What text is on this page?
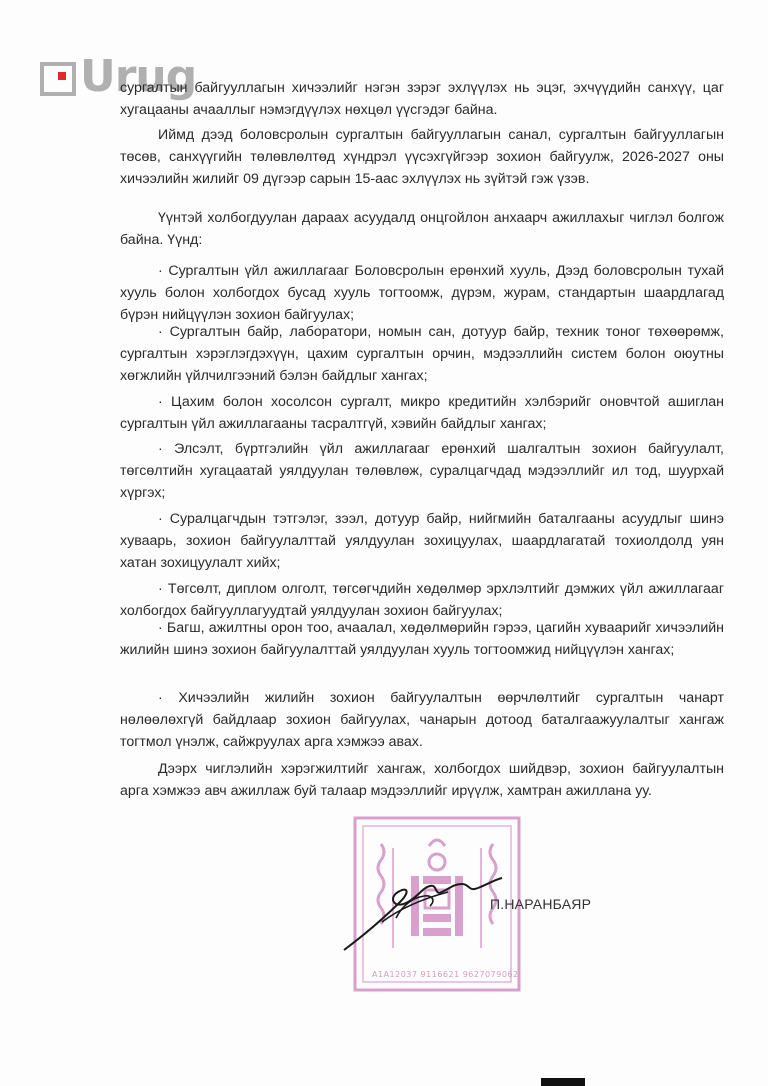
Urug

сургалтын байгууллагын хичээлийг нэгэн зэрэг эхлүүлэх нь эцэг, эхчүүдийн санхүү, цаг хугацааны ачааллыг нэмэгдүүлэх нөхцөл үүсгэдэг байна.

Иймд дээд боловсролын сургалтын байгууллагын санал, сургалтын байгууллагын төсөв, санхүүгийн төлөвлөлтөд хүндрэл үүсэхгүйгээр зохион байгуулж, 2026-2027 оны хичээлийн жилийг 09 дүгээр сарын 15-аас эхлүүлэх нь зүйтэй гэж үзэв.

Үүнтэй холбогдуулан дараах асуудалд онцгойлон анхаарч ажиллахыг чиглэл болгож байна. Үүнд:

· Сургалтын үйл ажиллагааг Боловсролын ерөнхий хууль, Дээд боловсролын тухай хууль болон холбогдох бусад хууль тогтоомж, дүрэм, журам, стандартын шаардлагад бүрэн нийцүүлэн зохион байгуулах;

· Сургалтын байр, лаборатори, номын сан, дотуур байр, техник тоног төхөөрөмж, сургалтын хэрэглэгдэхүүн, цахим сургалтын орчин, мэдээллийн систем болон оюутны хөгжлийн үйлчилгээний бэлэн байдлыг хангах;

· Цахим болон хосолсон сургалт, микро кредитийн хэлбэрийг оновчтой ашиглан сургалтын үйл ажиллагааны тасралтгүй, хэвийн байдлыг хангах;

· Элсэлт, бүртгэлийн үйл ажиллагааг ерөнхий шалгалтын зохион байгуулалт, төгсөлтийн хугацаатай уялдуулан төлөвлөж, суралцагчдад мэдээллийг ил тод, шуурхай хүргэх;

· Суралцагчдын тэтгэлэг, зээл, дотуур байр, нийгмийн баталгааны асуудлыг шинэ хуваарь, зохион байгуулалттай уялдуулан зохицуулах, шаардлагатай тохиолдолд уян хатан зохицуулалт хийх;

· Төгсөлт, диплом олголт, төгсөгчдийн хөдөлмөр эрхлэлтийг дэмжих үйл ажиллагааг холбогдох байгууллагуудтай уялдуулан зохион байгуулах;

· Багш, ажилтны орон тоо, ачаалал, хөдөлмөрийн гэрээ, цагийн хуваарийг хичээлийн жилийн шинэ зохион байгуулалттай уялдуулан хууль тогтоомжид нийцүүлэн хангах;

· Хичээлийн жилийн зохион байгуулалтын өөрчлөлтийг сургалтын чанарт нөлөөлөхгүй байдлаар зохион байгуулах, чанарын дотоод баталгаажуулалтыг хангаж тогтмол үнэлж, сайжруулах арга хэмжээ авах.

Дээрх чиглэлийн хэрэгжилтийг хангаж, холбогдох шийдвэр, зохион байгуулалтын арга хэмжээ авч ажиллаж буй талаар мэдээллийг ирүүлж, хамтран ажиллана уу.

Α1Α12037 9116621 9627079062
П.НАРАНБАЯР
